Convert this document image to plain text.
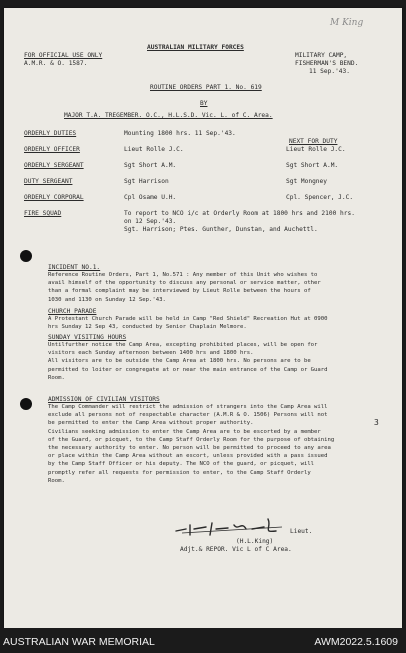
M King
AUSTRALIAN MILITARY FORCES
FOR OFFICIAL USE ONLY
A.M.R. & O. 1587.
MILITARY CAMP,
FISHERMAN'S BEND.
11 Sep.'43.
ROUTINE ORDERS PART 1. No. 619
BY
MAJOR T.A. TREGEMBER. O.C., H.L.S.D. Vic. L. of C. Area.
ORDERLY DUTIES	Mounting 1800 hrs. 11 Sep.'43.
NEXT FOR DUTY
ORDERLY OFFICER	Lieut Rolle J.C.	Lieut Rolle J.C.
ORDERLY SERGEANT	Sgt Short A.M.	Sgt Short A.M.
DUTY SERGEANT	Sgt Harrison	Sgt Mongney
ORDERLY CORPORAL	Cpl Osame U.H.	Cpl. Spencer, J.C.
FIRE SQUAD	To report to NCO i/c at Orderly Room at 1800 hrs and 2100 hrs.
on 12 Sep.'43.
Sgt. Harrison; Ptes. Gunther, Dunstan, and Auchettl.
INCIDENT NO.1.
Reference Routine Orders, Part 1, No.571 : Any member of this Unit who wishes to
avail himself of the opportunity to discuss any personal or service matter, other
than a formal complaint may be interviewed by Lieut Rolle between the hours of
1030 and 1130 on Sunday 12 Sep.'43.
CHURCH PARADE
A Protestant Church Parade will be held in Camp "Red Shield" Recreation Hut at 0900
hrs Sunday 12 Sep 43, conducted by Senior Chaplain Melmore.
SUNDAY VISITING HOURS
Untilfurther notice the Camp Area, excepting prohibited places, will be open for
visitors each Sunday afternoon between 1400 hrs and 1800 hrs.
All visitors are to be outside the Camp Area at 1800 hrs. No persons are to be
permitted to loiter or congregate at or near the main entrance of the Camp or Guard
Room.
ADMISSION OF CIVILIAN VISITORS
The Camp Commander will restrict the admission of strangers into the Camp Area will
exclude all persons not of respectable character (A.M.R & O. 1506) Persons will not
be permitted to enter the Camp Area without proper authority.
Civilians seeking admission to enter the Camp Area are to be escorted by a member
of the Guard, or picquet, to the Camp Staff Orderly Room for the purpose of obtaining
the necessary authority to enter. No person will be permitted to proceed to any area
or place within the Camp Area without an escort, unless provided with a pass issued
by the Camp Staff Officer or his deputy. The NCO of the guard, or picquet, will
promptly refer all requests for permission to enter, to the Camp Staff Orderly
Room.
3
Lieut.
(H.L.King)
Adjt.& REPOR. Vic L of C Area.
AUSTRALIAN WAR MEMORIAL	AWM2022.5.1609
